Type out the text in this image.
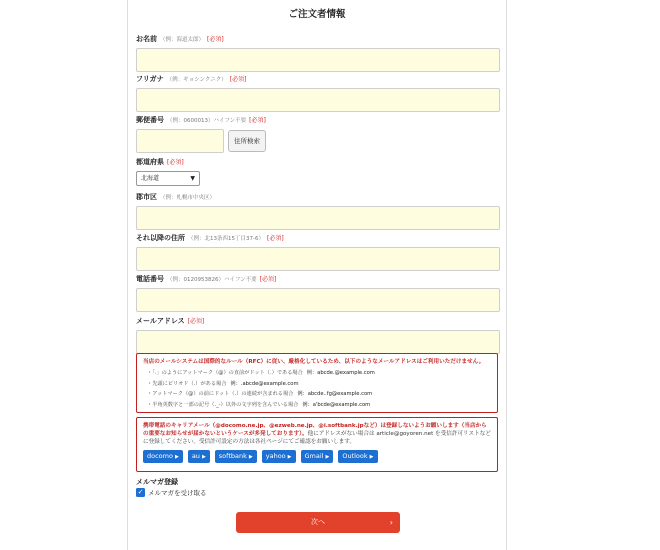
ご注文者情報
お名前 （例：海道太郎） [必須]
フリガナ （例：ギョシンクニク） [必須]
郵便番号 （例：0600013）ハイフン不要 [必須]
住所検索
都道府県 [必須]
北海道	▼
郡市区 （例：札幌市中央区）
それ以降の住所 （例：北13条西15丁目37-6） [必須]
電話番号 （例：0120953826）ハイフン不要 [必須]
メールアドレス [必須]
当店のメールシステムは国際的なルール（RFC）に従い、厳格化しているため、以下のようなメールアドレスはご利用いただけません。
・「.」のようにアットマーク（@）の直前がドット（.）である場合 例：abcde.@example.com
・先頭にピリオド（.）がある場合 例：.abcde@example.com
・アットマーク（@）の前にドット（.）の連続が含まれる場合 例：abcde..fg@example.com
・半角英数字と一部の記号（._-）以外の文字列を含んでいる場合 例：a'bcde@example.com
携帯電話のキャリアメール（@docomo.ne.jp、@ezweb.ne.jp、@i.softbank.jpなど）は登録しないようお願いします（当店からの重要なお知らせが届かないというケースが多発しております）。他にアドレスがない場合は article@goyoren.net を受信許可リストなどに登録してください。受信許可設定の方法は各社ページにてご確認をお願いします。
docomo ▶	au ▶	softbank ▶	yahoo ▶	Gmail ▶	Outlook ▶
メルマガ登録
✓ メルマガを受け取る
次へ	›
